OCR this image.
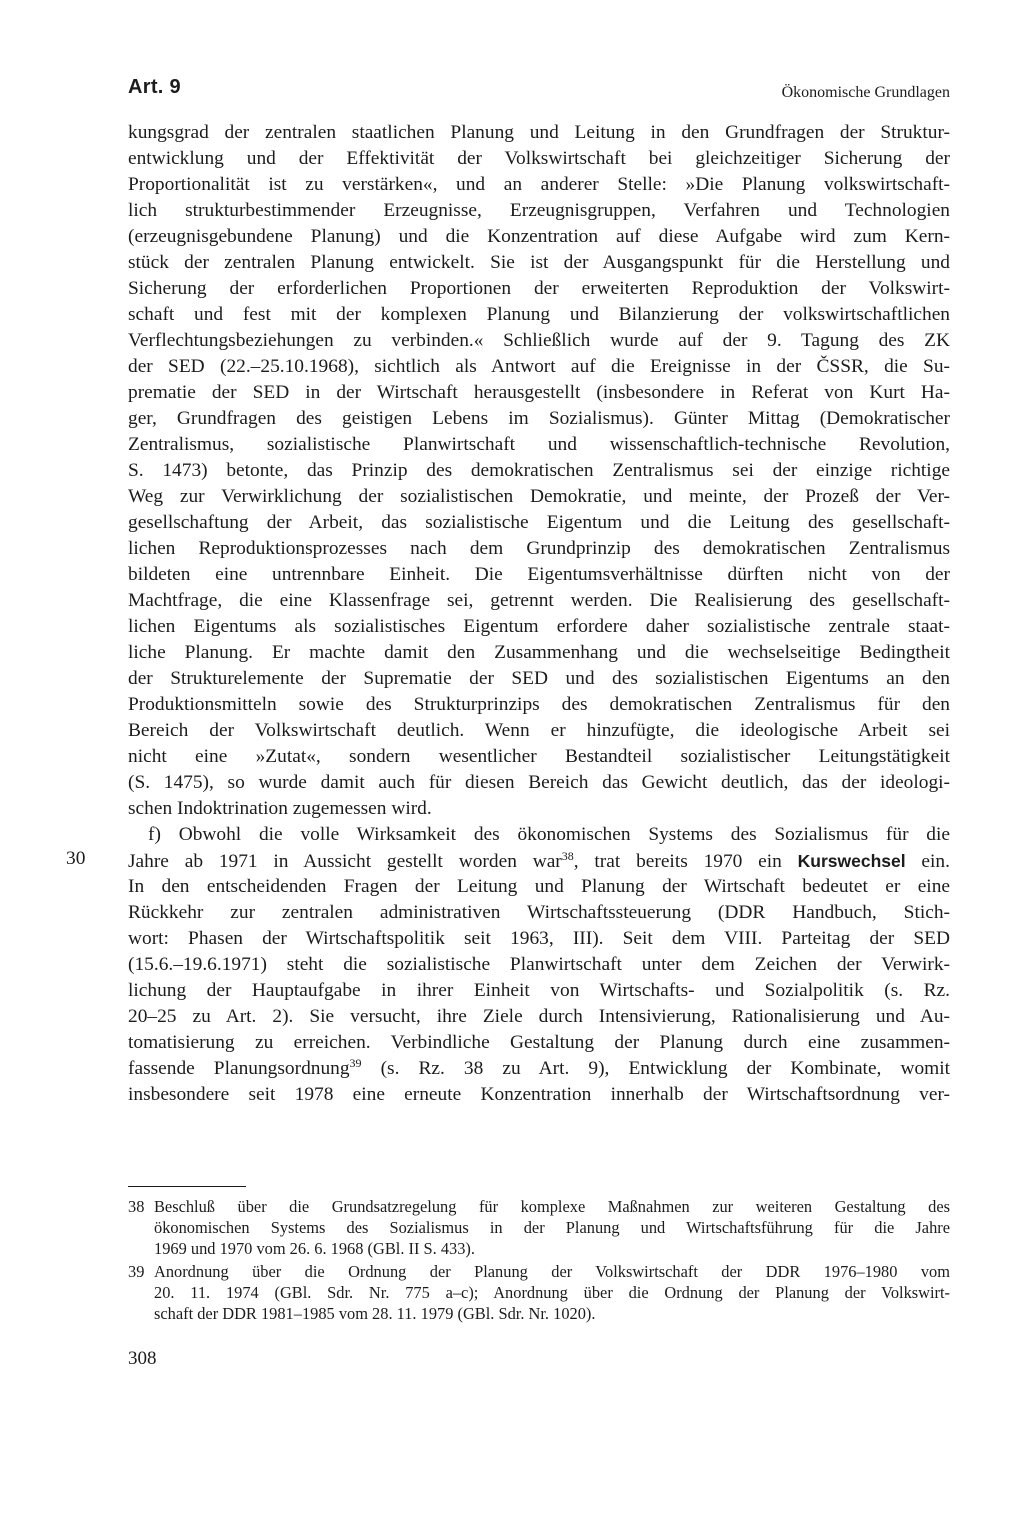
Art. 9	Ökonomische Grundlagen
kungsgrad der zentralen staatlichen Planung und Leitung in den Grundfragen der Struktur-
entwicklung und der Effektivität der Volkswirtschaft bei gleichzeitiger Sicherung der
Proportionalität ist zu verstärken«, und an anderer Stelle: »Die Planung volkswirtschaft-
lich strukturbestimmender Erzeugnisse, Erzeugnisgruppen, Verfahren und Technologien
(erzeugnisgebundene Planung) und die Konzentration auf diese Aufgabe wird zum Kern-
stück der zentralen Planung entwickelt. Sie ist der Ausgangspunkt für die Herstellung und
Sicherung der erforderlichen Proportionen der erweiterten Reproduktion der Volkswirt-
schaft und fest mit der komplexen Planung und Bilanzierung der volkswirtschaftlichen
Verflechtungsbeziehungen zu verbinden.« Schließlich wurde auf der 9. Tagung des ZK
der SED (22.–25.10.1968), sichtlich als Antwort auf die Ereignisse in der ČSSR, die Su-
prematie der SED in der Wirtschaft herausgestellt (insbesondere in Referat von Kurt Ha-
ger, Grundfragen des geistigen Lebens im Sozialismus). Günter Mittag (Demokratischer
Zentralismus, sozialistische Planwirtschaft und wissenschaftlich-technische Revolution,
S. 1473) betonte, das Prinzip des demokratischen Zentralismus sei der einzige richtige
Weg zur Verwirklichung der sozialistischen Demokratie, und meinte, der Prozeß der Ver-
gesellschaftung der Arbeit, das sozialistische Eigentum und die Leitung des gesellschaft-
lichen Reproduktionsprozesses nach dem Grundprinzip des demokratischen Zentralismus
bildeten eine untrennbare Einheit. Die Eigentumsverhältnisse dürften nicht von der
Machtfrage, die eine Klassenfrage sei, getrennt werden. Die Realisierung des gesellschaft-
lichen Eigentums als sozialistisches Eigentum erfordere daher sozialistische zentrale staat-
liche Planung. Er machte damit den Zusammenhang und die wechselseitige Bedingtheit
der Strukturelemente der Suprematie der SED und des sozialistischen Eigentums an den
Produktionsmitteln sowie des Strukturprinzips des demokratischen Zentralismus für den
Bereich der Volkswirtschaft deutlich. Wenn er hinzufügte, die ideologische Arbeit sei
nicht eine »Zutat«, sondern wesentlicher Bestandteil sozialistischer Leitungstätigkeit
(S. 1475), so wurde damit auch für diesen Bereich das Gewicht deutlich, das der ideologi-
schen Indoktrination zugemessen wird.
f) Obwohl die volle Wirksamkeit des ökonomischen Systems des Sozialismus für die
Jahre ab 1971 in Aussicht gestellt worden war$^{38}$, trat bereits 1970 ein Kurswechsel ein.
In den entscheidenden Fragen der Leitung und Planung der Wirtschaft bedeutet er eine
Rückkehr zur zentralen administrativen Wirtschaftssteuerung (DDR Handbuch, Stich-
wort: Phasen der Wirtschaftspolitik seit 1963, III). Seit dem VIII. Parteitag der SED
(15.6.–19.6.1971) steht die sozialistische Planwirtschaft unter dem Zeichen der Verwirk-
lichung der Hauptaufgabe in ihrer Einheit von Wirtschafts- und Sozialpolitik (s. Rz.
20–25 zu Art. 2). Sie versucht, ihre Ziele durch Intensivierung, Rationalisierung und Au-
tomatisierung zu erreichen. Verbindliche Gestaltung der Planung durch eine zusammen-
fassende Planungsordnung$^{39}$ (s. Rz. 38 zu Art. 9), Entwicklung der Kombinate, womit
insbesondere seit 1978 eine erneute Konzentration innerhalb der Wirtschaftsordnung ver-
30
38 Beschluß über die Grundsatzregelung für komplexe Maßnahmen zur weiteren Gestaltung des
ökonomischen Systems des Sozialismus in der Planung und Wirtschaftsführung für die Jahre
1969 und 1970 vom 26. 6. 1968 (GBl. II S. 433).
39 Anordnung über die Ordnung der Planung der Volkswirtschaft der DDR 1976–1980 vom
20. 11. 1974 (GBl. Sdr. Nr. 775 a–c); Anordnung über die Ordnung der Planung der Volkswirt-
schaft der DDR 1981–1985 vom 28. 11. 1979 (GBl. Sdr. Nr. 1020).
308
